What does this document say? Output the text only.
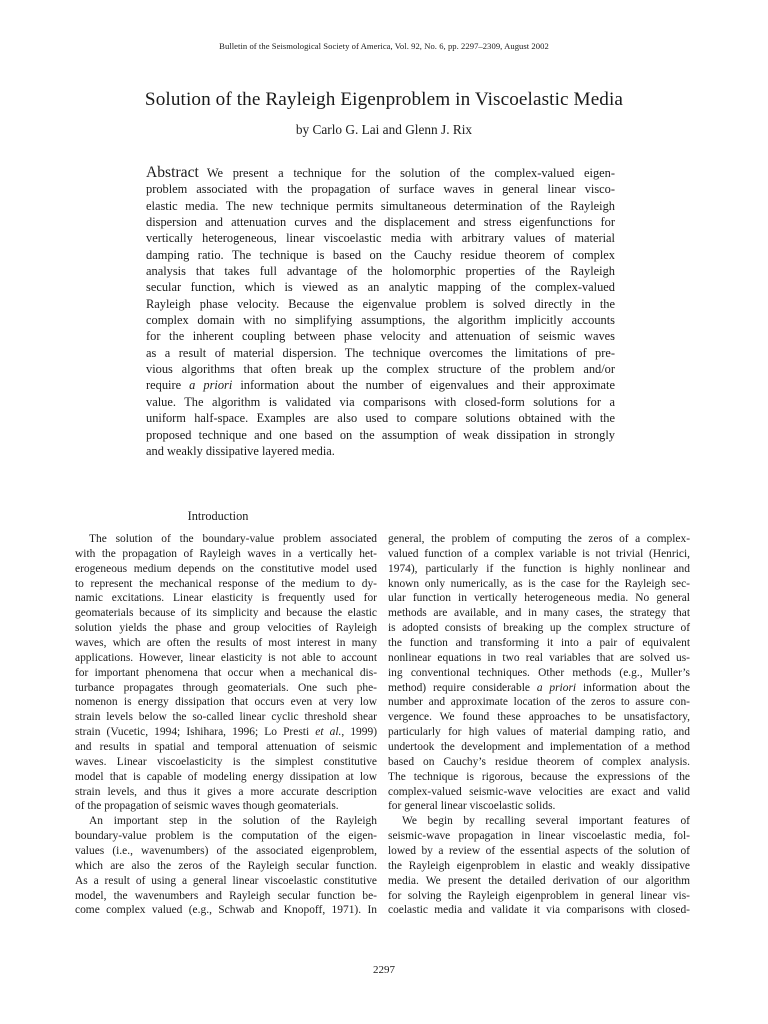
Bulletin of the Seismological Society of America, Vol. 92, No. 6, pp. 2297–2309, August 2002
Solution of the Rayleigh Eigenproblem in Viscoelastic Media
by Carlo G. Lai and Glenn J. Rix
Abstract We present a technique for the solution of the complex-valued eigen-
problem associated with the propagation of surface waves in general linear visco-
elastic media. The new technique permits simultaneous determination of the Rayleigh
dispersion and attenuation curves and the displacement and stress eigenfunctions for
vertically heterogeneous, linear viscoelastic media with arbitrary values of material
damping ratio. The technique is based on the Cauchy residue theorem of complex
analysis that takes full advantage of the holomorphic properties of the Rayleigh
secular function, which is viewed as an analytic mapping of the complex-valued
Rayleigh phase velocity. Because the eigenvalue problem is solved directly in the
complex domain with no simplifying assumptions, the algorithm implicitly accounts
for the inherent coupling between phase velocity and attenuation of seismic waves
as a result of material dispersion. The technique overcomes the limitations of pre-
vious algorithms that often break up the complex structure of the problem and/or
require a priori information about the number of eigenvalues and their approximate
value. The algorithm is validated via comparisons with closed-form solutions for a
uniform half-space. Examples are also used to compare solutions obtained with the
proposed technique and one based on the assumption of weak dissipation in strongly
and weakly dissipative layered media.
Introduction
The solution of the boundary-value problem associated
with the propagation of Rayleigh waves in a vertically het-
erogeneous medium depends on the constitutive model used
to represent the mechanical response of the medium to dy-
namic excitations. Linear elasticity is frequently used for
geomaterials because of its simplicity and because the elastic
solution yields the phase and group velocities of Rayleigh
waves, which are often the results of most interest in many
applications. However, linear elasticity is not able to account
for important phenomena that occur when a mechanical dis-
turbance propagates through geomaterials. One such phe-
nomenon is energy dissipation that occurs even at very low
strain levels below the so-called linear cyclic threshold shear
strain (Vucetic, 1994; Ishihara, 1996; Lo Presti et al., 1999)
and results in spatial and temporal attenuation of seismic
waves. Linear viscoelasticity is the simplest constitutive
model that is capable of modeling energy dissipation at low
strain levels, and thus it gives a more accurate description
of the propagation of seismic waves though geomaterials.
An important step in the solution of the Rayleigh
boundary-value problem is the computation of the eigen-
values (i.e., wavenumbers) of the associated eigenproblem,
which are also the zeros of the Rayleigh secular function.
As a result of using a general linear viscoelastic constitutive
model, the wavenumbers and Rayleigh secular function be-
come complex valued (e.g., Schwab and Knopoff, 1971). In
general, the problem of computing the zeros of a complex-
valued function of a complex variable is not trivial (Henrici,
1974), particularly if the function is highly nonlinear and
known only numerically, as is the case for the Rayleigh sec-
ular function in vertically heterogeneous media. No general
methods are available, and in many cases, the strategy that
is adopted consists of breaking up the complex structure of
the function and transforming it into a pair of equivalent
nonlinear equations in two real variables that are solved us-
ing conventional techniques. Other methods (e.g., Muller’s
method) require considerable a priori information about the
number and approximate location of the zeros to assure con-
vergence. We found these approaches to be unsatisfactory,
particularly for high values of material damping ratio, and
undertook the development and implementation of a method
based on Cauchy’s residue theorem of complex analysis.
The technique is rigorous, because the expressions of the
complex-valued seismic-wave velocities are exact and valid
for general linear viscoelastic solids.
We begin by recalling several important features of
seismic-wave propagation in linear viscoelastic media, fol-
lowed by a review of the essential aspects of the solution of
the Rayleigh eigenproblem in elastic and weakly dissipative
media. We present the detailed derivation of our algorithm
for solving the Rayleigh eigenproblem in general linear vis-
coelastic media and validate it via comparisons with closed-
2297
